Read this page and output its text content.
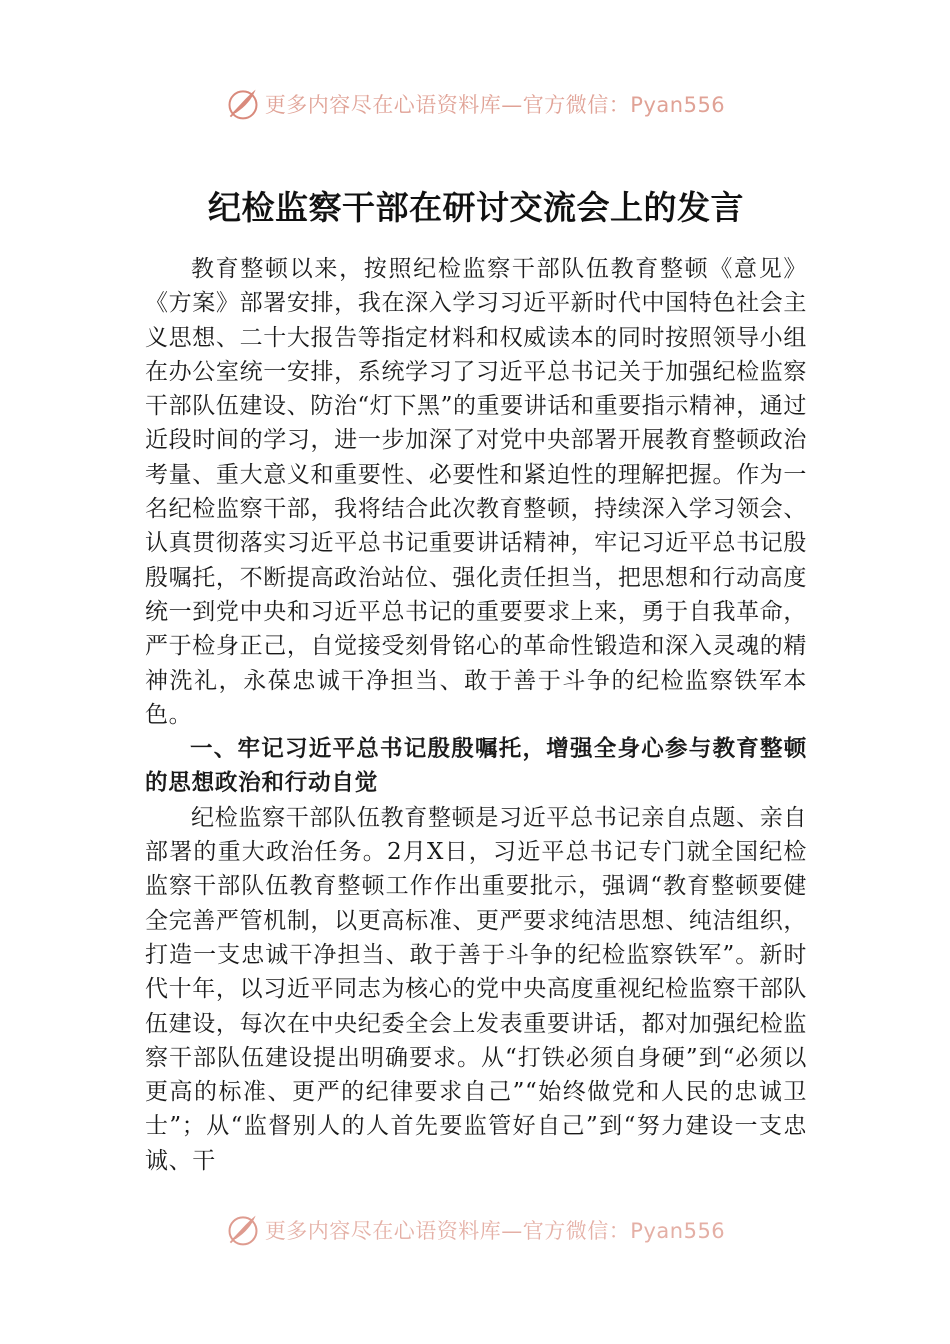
更多内容尽在心语资料库—官方微信：Pyan556
纪检监察干部在研讨交流会上的发言

教育整顿以来，按照纪检监察干部队伍教育整顿《意见》《方案》部署安排，我在深入学习习近平新时代中国特色社会主义思想、二十大报告等指定材料和权威读本的同时按照领导小组在办公室统一安排，系统学习了习近平总书记关于加强纪检监察干部队伍建设、防治“灯下黑”的重要讲话和重要指示精神，通过近段时间的学习，进一步加深了对党中央部署开展教育整顿政治考量、重大意义和重要性、必要性和紧迫性的理解把握。作为一名纪检监察干部，我将结合此次教育整顿，持续深入学习领会、认真贯彻落实习近平总书记重要讲话精神，牢记习近平总书记殷殷嘱托，不断提高政治站位、强化责任担当，把思想和行动高度统一到党中央和习近平总书记的重要要求上来，勇于自我革命，严于检身正己，自觉接受刻骨铭心的革命性锻造和深入灵魂的精神洗礼，永葆忠诚干净担当、敢于善于斗争的纪检监察铁军本色。

一、牢记习近平总书记殷殷嘱托，增强全身心参与教育整顿的思想政治和行动自觉

纪检监察干部队伍教育整顿是习近平总书记亲自点题、亲自部署的重大政治任务。2月X日，习近平总书记专门就全国纪检监察干部队伍教育整顿工作作出重要批示，强调“教育整顿要健全完善严管机制，以更高标准、更严要求纯洁思想、纯洁组织，打造一支忠诚干净担当、敢于善于斗争的纪检监察铁军”。新时代十年，以习近平同志为核心的党中央高度重视纪检监察干部队伍建设，每次在中央纪委全会上发表重要讲话，都对加强纪检监察干部队伍建设提出明确要求。从“打铁必须自身硬”到“必须以更高的标准、更严的纪律要求自己”“始终做党和人民的忠诚卫士”；从“监督别人的人首先要监管好自己”到“努力建设一支忠诚、干

更多内容尽在心语资料库—官方微信：Pyan556
